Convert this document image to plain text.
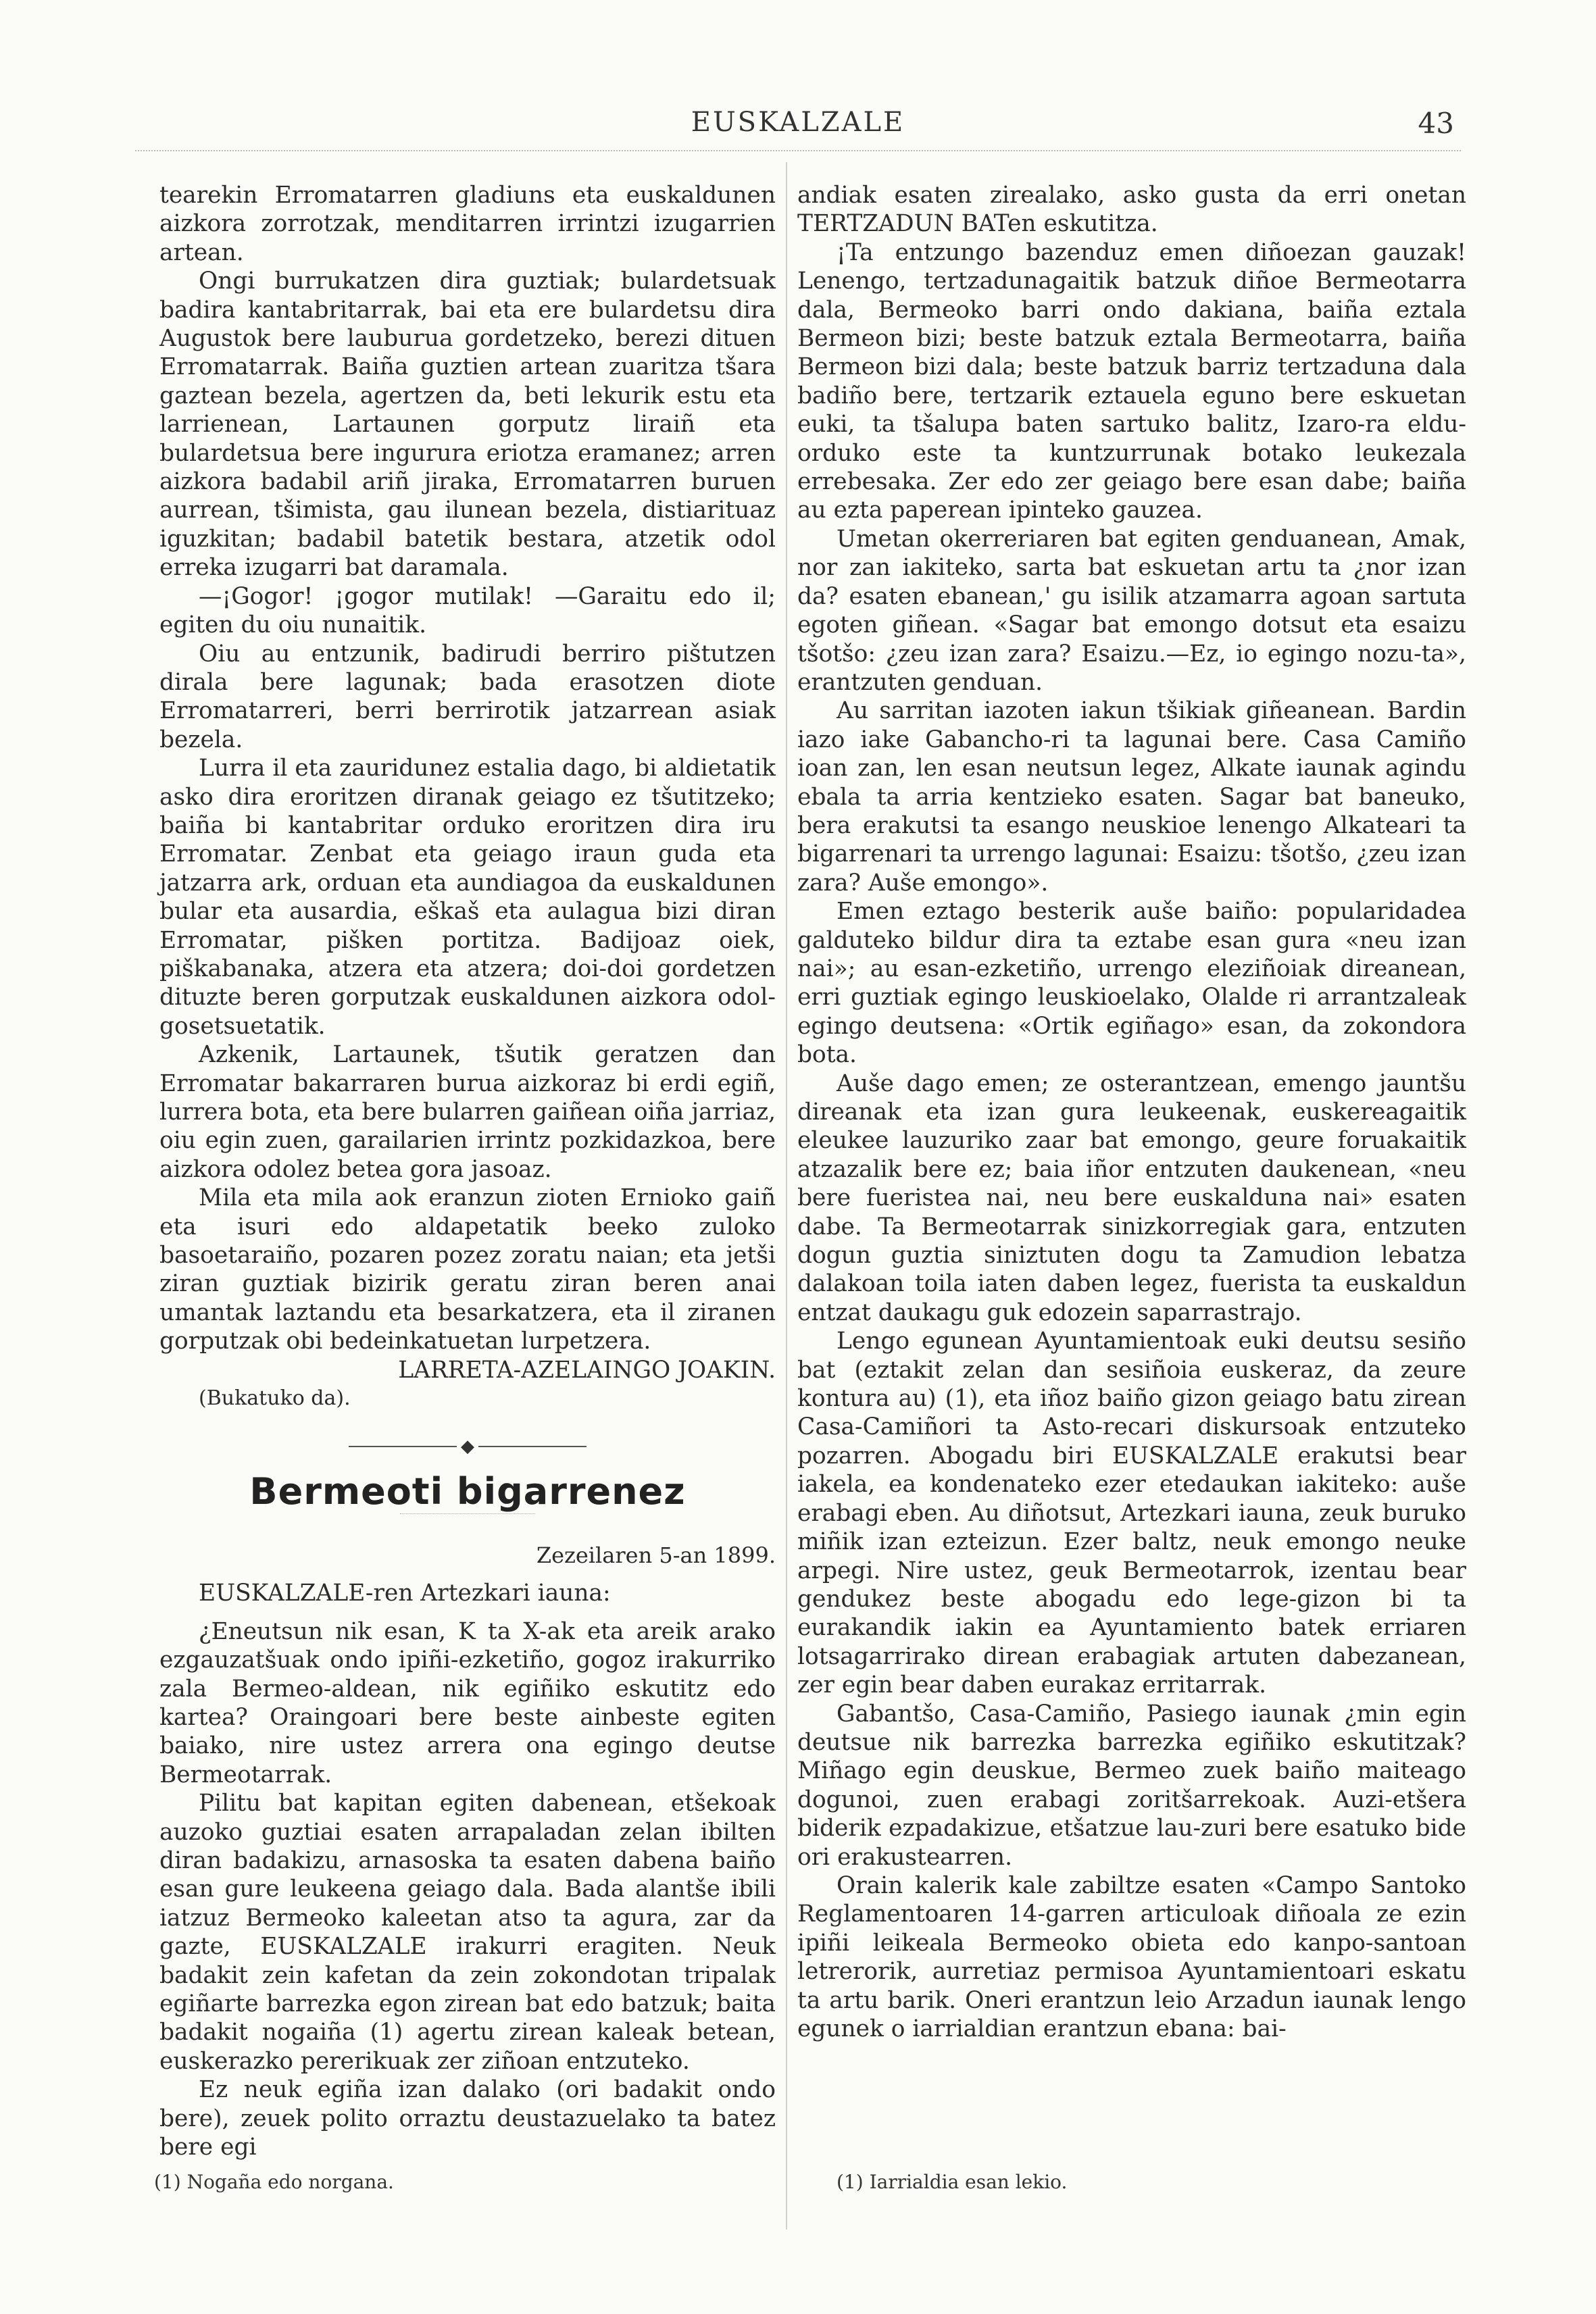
EUSKALZALE	43

tearekin Erromatarren gladiuns eta euskaldunen aizkora zorrotzak, menditarren irrintzi izugarrien artean.

Ongi burrukatzen dira guztiak; bulardetsuak badira kantabritarrak, bai eta ere bulardetsu dira Augustok bere lauburua gordetzeko, berezi dituen Erromatarrak. Baiña guztien artean zuaritza tšara gaztean bezela, agertzen da, beti lekurik estu eta larrienean, Lartaunen gorputz liraiñ eta bulardetsua bere ingurura eriotza eramanez; arren aizkora badabil ariñ jiraka, Erromatarren buruen aurrean, tšimista, gau ilunean bezela, distiarituaz iguzkitan; badabil batetik bestara, atzetik odol erreka izugarri bat daramala.

—¡Gogor! ¡gogor mutilak! —Garaitu edo il; egiten du oiu nunaitik.

Oiu au entzunik, badirudi berriro pištutzen dirala bere lagunak; bada erasotzen diote Erromatarreri, berri berrirotik jatzarrean asiak bezela.

Lurra il eta zauridunez estalia dago, bi aldietatik asko dira eroritzen diranak geiago ez tšutitzeko; baiña bi kantabritar orduko eroritzen dira iru Erromatar. Zenbat eta geiago iraun guda eta jatzarra ark, orduan eta aundiagoa da euskaldunen bular eta ausardia, eškaš eta aulagua bizi diran Erromatar, pišken portitza. Badijoaz oiek, piškabanaka, atzera eta atzera; doi-doi gordetzen dituzte beren gorputzak euskaldunen aizkora odol-gosetsuetatik.

Azkenik, Lartaunek, tšutik geratzen dan Erromatar bakarraren burua aizkoraz bi erdi egiñ, lurrera bota, eta bere bularren gaiñean oiña jarriaz, oiu egin zuen, garailarien irrintz pozkidazkoa, bere aizkora odolez betea gora jasoaz.

Mila eta mila aok eranzun zioten Ernioko gaiñ eta isuri edo aldapetatik beeko zuloko basoetaraiño, pozaren pozez zoratu naian; eta jetši ziran guztiak bizirik geratu ziran beren anai umantak laztandu eta besarkatzera, eta il ziranen gorputzak obi bedeinkatuetan lurpetzera.

LARRETA-AZELAINGO JOAKIN.

(Bukatuko da).

◆
Bermeoti bigarrenez

Zezeilaren 5-an 1899.

EUSKALZALE-ren Artezkari iauna:

¿Eneutsun nik esan, K ta X-ak eta areik arako ezgauzatšuak ondo ipiñi-ezketiño, gogoz irakurriko zala Bermeo-aldean, nik egiñiko eskutitz edo kartea? Oraingoari bere beste ainbeste egiten baiako, nire ustez arrera ona egingo deutse Bermeotarrak.

Pilitu bat kapitan egiten dabenean, etšekoak auzoko guztiai esaten arrapaladan zelan ibilten diran badakizu, arnasoska ta esaten dabena baiño esan gure leukeena geiago dala. Bada alantše ibili iatzuz Bermeoko kaleetan atso ta agura, zar da gazte, EUSKALZALE irakurri eragiten. Neuk badakit zein kafetan da zein zokondotan tripalak egiñarte barrezka egon zirean bat edo batzuk; baita badakit nogaiña (1) agertu zirean kaleak betean, euskerazko pererikuak zer ziñoan entzuteko.

Ez neuk egiña izan dalako (ori badakit ondo bere), zeuek polito orraztu deustazuelako ta batez bere egi

andiak esaten zirealako, asko gusta da erri onetan TERTZADUN BATen eskutitza.

¡Ta entzungo bazenduz emen diñoezan gauzak! Lenengo, tertzadunagaitik batzuk diñoe Bermeotarra dala, Bermeoko barri ondo dakiana, baiña eztala Bermeon bizi; beste batzuk eztala Bermeotarra, baiña Bermeon bizi dala; beste batzuk barriz tertzaduna dala badiño bere, tertzarik eztauela eguno bere eskuetan euki, ta tšalupa baten sartuko balitz, Izaro-ra eldu-orduko este ta kuntzurrunak botako leukezala errebesaka. Zer edo zer geiago bere esan dabe; baiña au ezta paperean ipinteko gauzea.

Umetan okerreriaren bat egiten genduanean, Amak, nor zan iakiteko, sarta bat eskuetan artu ta ¿nor izan da? esaten ebanean,' gu isilik atzamarra agoan sartuta egoten giñean. «Sagar bat emongo dotsut eta esaizu tšotšo: ¿zeu izan zara? Esaizu.—Ez, io egingo nozu-ta», erantzuten genduan.

Au sarritan iazoten iakun tšikiak giñeanean. Bardin iazo iake Gabancho-ri ta lagunai bere. Casa Camiño ioan zan, len esan neutsun legez, Alkate iaunak agindu ebala ta arria kentzieko esaten. Sagar bat baneuko, bera erakutsi ta esango neuskioe lenengo Alkateari ta bigarrenari ta urrengo lagunai: Esaizu: tšotšo, ¿zeu izan zara? Auše emongo».

Emen eztago besterik auše baiño: popularidadea galduteko bildur dira ta eztabe esan gura «neu izan nai»; au esan-ezketiño, urrengo eleziñoiak direanean, erri guztiak egingo leuskioelako, Olalde ri arrantzaleak egingo deutsena: «Ortik egiñago» esan, da zokondora bota.

Auše dago emen; ze osterantzean, emengo jauntšu direanak eta izan gura leukeenak, euskereagaitik eleukee lauzuriko zaar bat emongo, geure foruakaitik atzazalik bere ez; baia iñor entzuten daukenean, «neu bere fueristea nai, neu bere euskalduna nai» esaten dabe. Ta Bermeotarrak sinizkorregiak gara, entzuten dogun guztia siniztuten dogu ta Zamudion lebatza dalakoan toila iaten daben legez, fuerista ta euskaldun entzat daukagu guk edozein saparrastrajo.

Lengo egunean Ayuntamientoak euki deutsu sesiño bat (eztakit zelan dan sesiñoia euskeraz, da zeure kontura au) (1), eta iñoz baiño gizon geiago batu zirean Casa-Camiñori ta Asto-recari diskursoak entzuteko pozarren. Abogadu biri EUSKALZALE erakutsi bear iakela, ea kondenateko ezer etedaukan iakiteko: auše erabagi eben. Au diñotsut, Artezkari iauna, zeuk buruko miñik izan ezteizun. Ezer baltz, neuk emongo neuke arpegi. Nire ustez, geuk Bermeotarrok, izentau bear gendukez beste abogadu edo lege-gizon bi ta eurakandik iakin ea Ayuntamiento batek erriaren lotsagarrirako direan erabagiak artuten dabezanean, zer egin bear daben eurakaz erritarrak.

Gabantšo, Casa-Camiño, Pasiego iaunak ¿min egin deutsue nik barrezka barrezka egiñiko eskutitzak? Miñago egin deuskue, Bermeo zuek baiño maiteago dogunoi, zuen erabagi zoritšarrekoak. Auzi-etšera biderik ezpadakizue, etšatzue lau-zuri bere esatuko bide ori erakustearren.

Orain kalerik kale zabiltze esaten «Campo Santoko Reglamentoaren 14-garren articuloak diñoala ze ezin ipiñi leikeala Bermeoko obieta edo kanpo-santoan letrerorik, aurretiaz permisoa Ayuntamientoari eskatu ta artu barik. Oneri erantzun leio Arzadun iaunak lengo egunek o iarrialdian erantzun ebana: bai-

(1) Nogaña edo norgana.	(1) Iarrialdia esan lekio.
